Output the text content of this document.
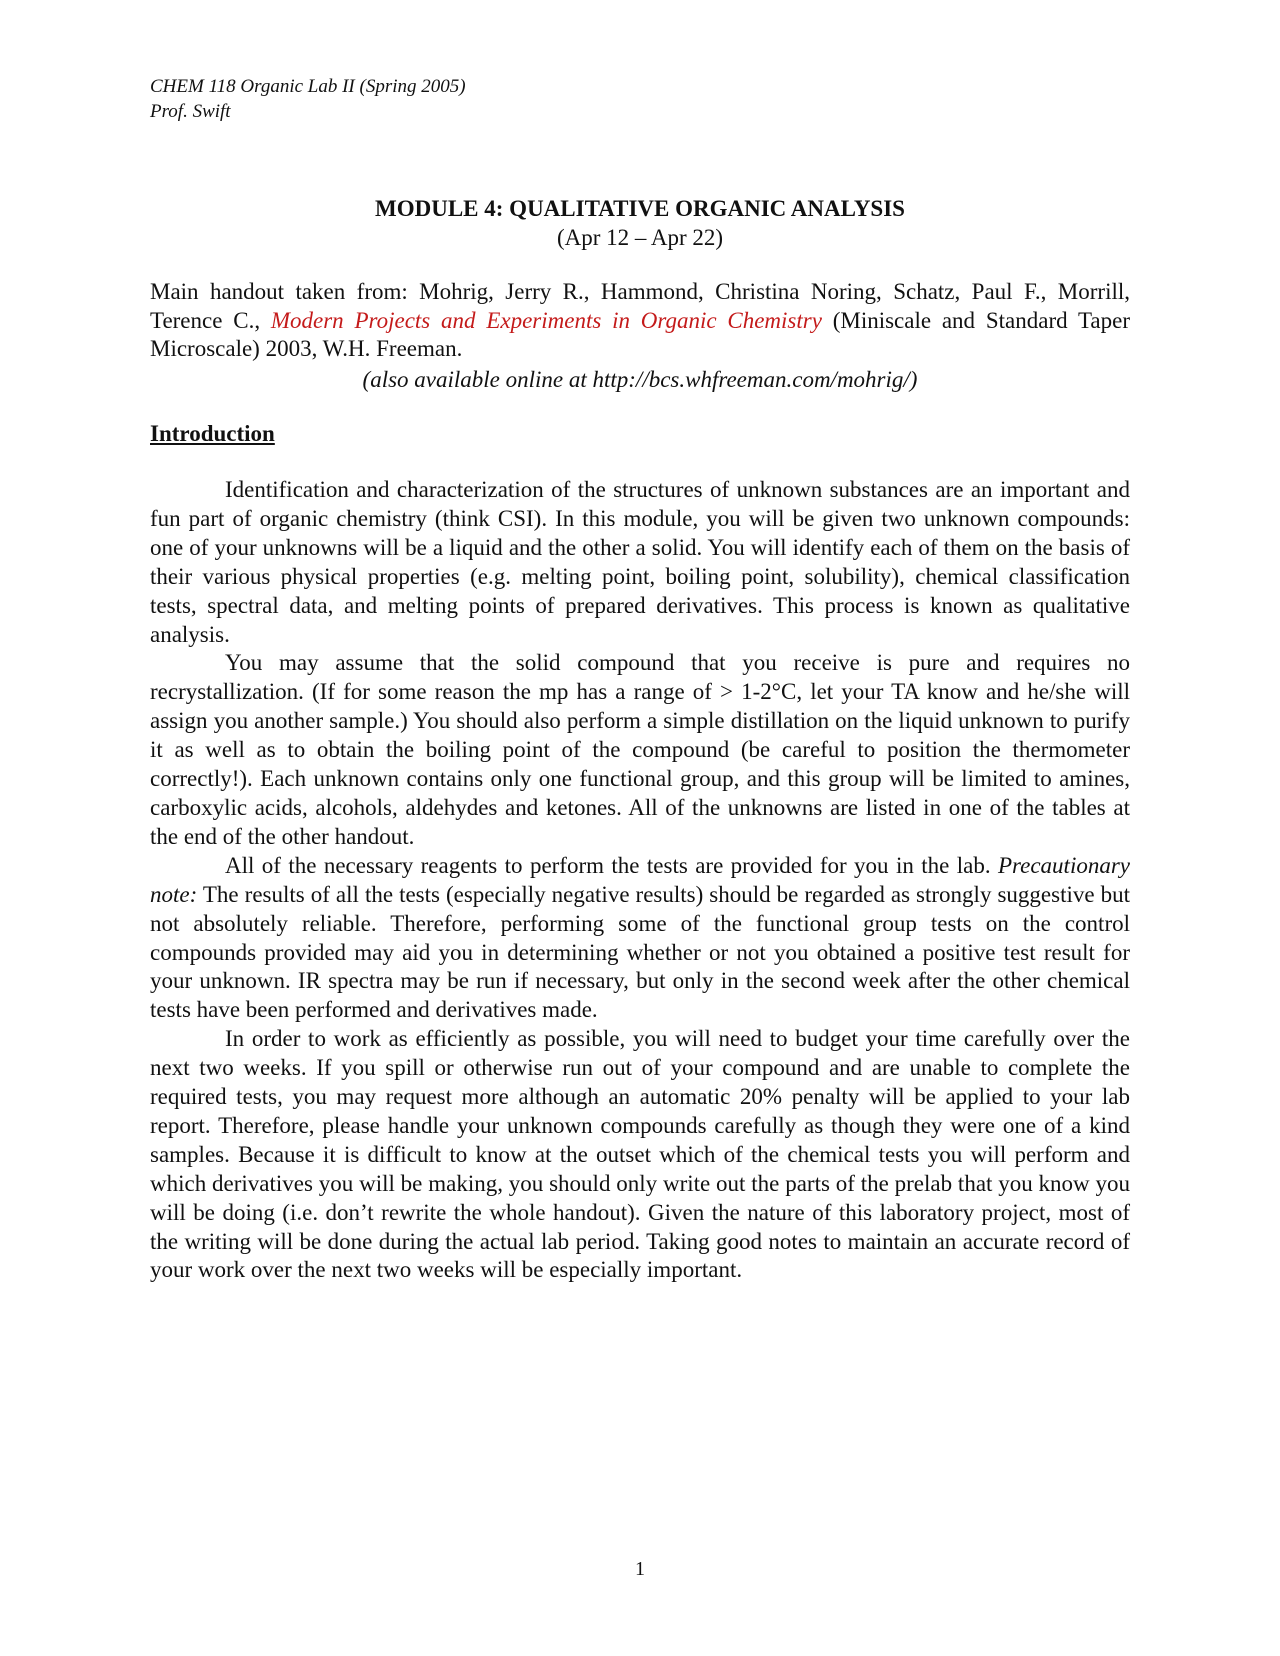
CHEM 118 Organic Lab II (Spring 2005)
Prof. Swift
MODULE 4: QUALITATIVE ORGANIC ANALYSIS
(Apr 12 – Apr 22)
Main handout taken from: Mohrig, Jerry R., Hammond, Christina Noring, Schatz, Paul F., Morrill, Terence C., Modern Projects and Experiments in Organic Chemistry (Miniscale and Standard Taper Microscale) 2003, W.H. Freeman.
(also available online at http://bcs.whfreeman.com/mohrig/)
Introduction

Identification and characterization of the structures of unknown substances are an important and fun part of organic chemistry (think CSI). In this module, you will be given two unknown compounds: one of your unknowns will be a liquid and the other a solid. You will identify each of them on the basis of their various physical properties (e.g. melting point, boiling point, solubility), chemical classification tests, spectral data, and melting points of prepared derivatives. This process is known as qualitative analysis.

You may assume that the solid compound that you receive is pure and requires no recrystallization. (If for some reason the mp has a range of > 1-2°C, let your TA know and he/she will assign you another sample.) You should also perform a simple distillation on the liquid unknown to purify it as well as to obtain the boiling point of the compound (be careful to position the thermometer correctly!). Each unknown contains only one functional group, and this group will be limited to amines, carboxylic acids, alcohols, aldehydes and ketones. All of the unknowns are listed in one of the tables at the end of the other handout.

All of the necessary reagents to perform the tests are provided for you in the lab. Precautionary note: The results of all the tests (especially negative results) should be regarded as strongly suggestive but not absolutely reliable. Therefore, performing some of the functional group tests on the control compounds provided may aid you in determining whether or not you obtained a positive test result for your unknown. IR spectra may be run if necessary, but only in the second week after the other chemical tests have been performed and derivatives made.

In order to work as efficiently as possible, you will need to budget your time carefully over the next two weeks. If you spill or otherwise run out of your compound and are unable to complete the required tests, you may request more although an automatic 20% penalty will be applied to your lab report. Therefore, please handle your unknown compounds carefully as though they were one of a kind samples. Because it is difficult to know at the outset which of the chemical tests you will perform and which derivatives you will be making, you should only write out the parts of the prelab that you know you will be doing (i.e. don’t rewrite the whole handout). Given the nature of this laboratory project, most of the writing will be done during the actual lab period. Taking good notes to maintain an accurate record of your work over the next two weeks will be especially important.

1
